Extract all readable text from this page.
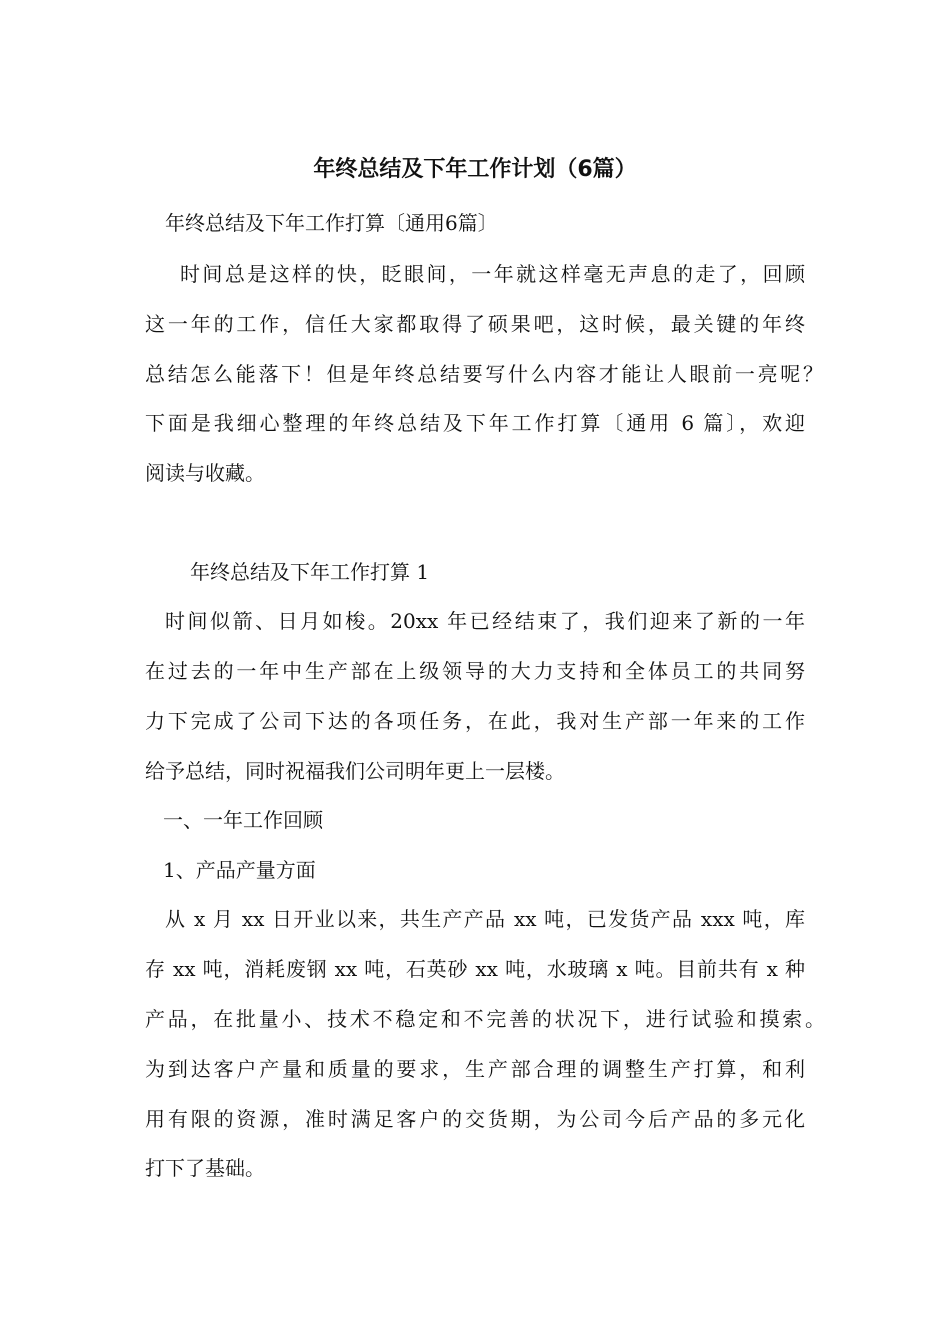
年终总结及下年工作计划（6篇）
年终总结及下年工作打算〔通用6篇〕
时间总是这样的快，眨眼间，一年就这样毫无声息的走了，回顾
这一年的工作，信任大家都取得了硕果吧，这时候，最关键的年终
总结怎么能落下！但是年终总结要写什么内容才能让人眼前一亮呢？
下面是我细心整理的年终总结及下年工作打算〔通用 6 篇〕，欢迎
阅读与收藏。
年终总结及下年工作打算 1
时间似箭、日月如梭。20xx 年已经结束了，我们迎来了新的一年
在过去的一年中生产部在上级领导的大力支持和全体员工的共同努
力下完成了公司下达的各项任务，在此，我对生产部一年来的工作
给予总结，同时祝福我们公司明年更上一层楼。
一、一年工作回顾
1、产品产量方面
从 x 月 xx 日开业以来，共生产产品 xx 吨，已发货产品 xxx 吨，库
存 xx 吨，消耗废钢 xx 吨，石英砂 xx 吨，水玻璃 x 吨。目前共有 x 种
产品，在批量小、技术不稳定和不完善的状况下，进行试验和摸索。
为到达客户产量和质量的要求，生产部合理的调整生产打算，和利
用有限的资源，准时满足客户的交货期，为公司今后产品的多元化
打下了基础。
